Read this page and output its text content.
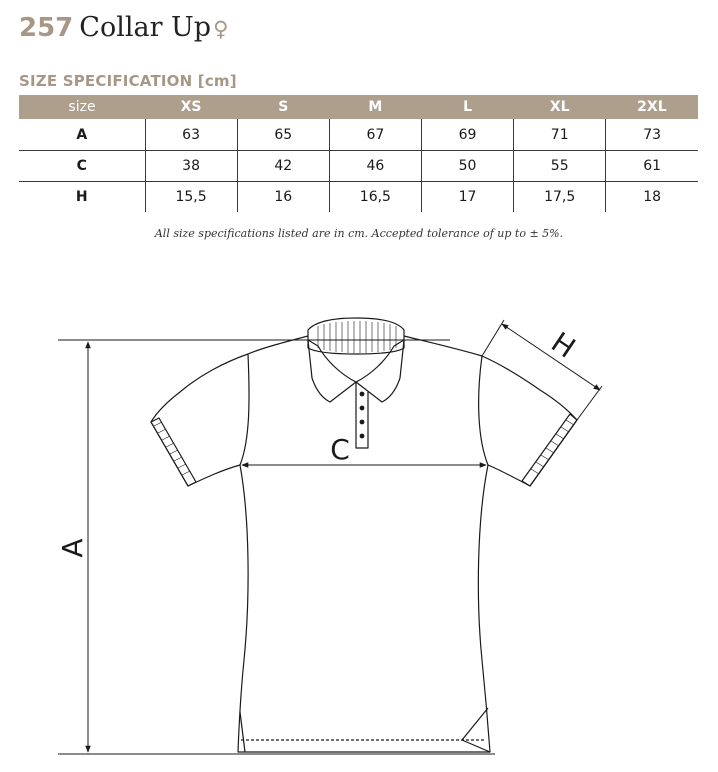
257 Collar Up ♀
SIZE SPECIFICATION [cm]
size	XS	S	M	L	XL	2XL
A	63	65	67	69	71	73
C	38	42	46	50	55	61
H	15,5	16	16,5	17	17,5	18
All size specifications listed are in cm. Accepted tolerance of up to ± 5%.
A
C
H
